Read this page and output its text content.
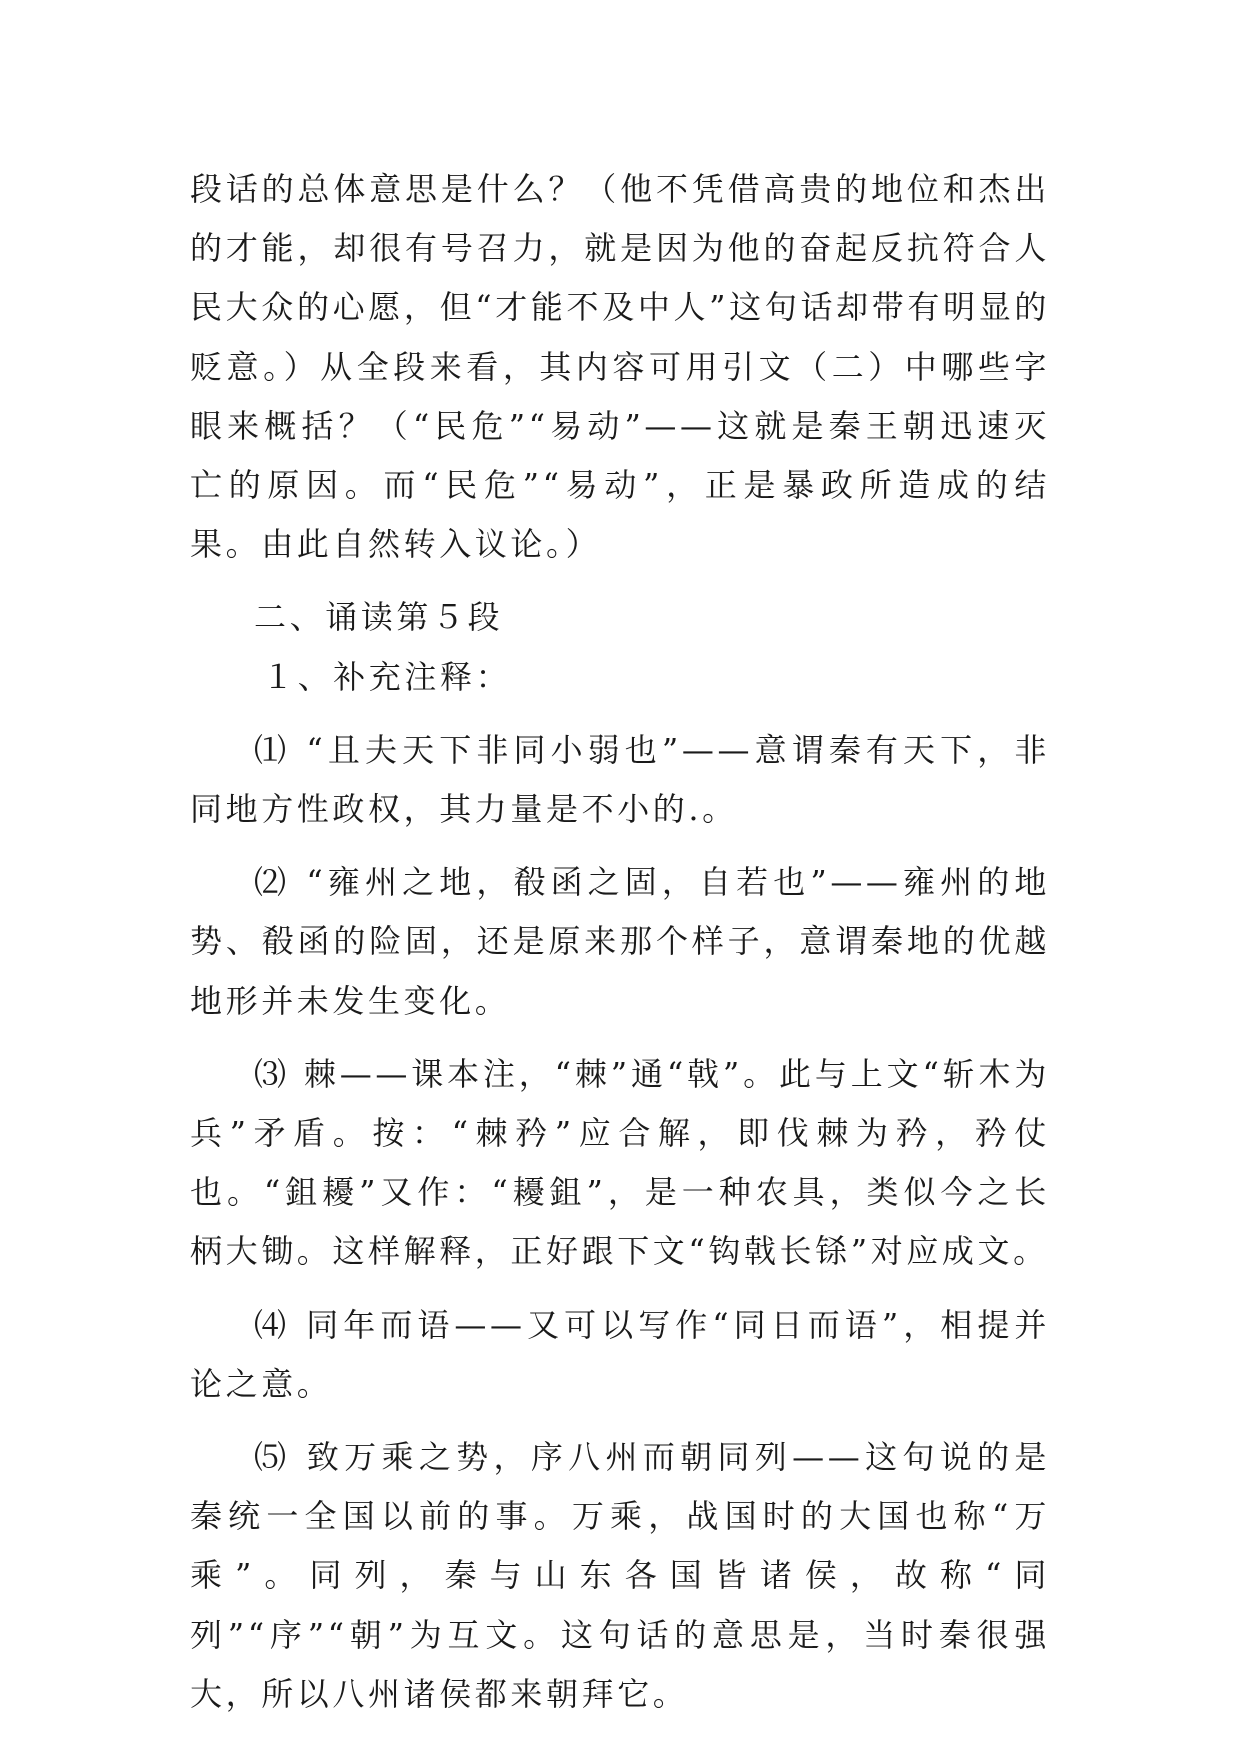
段话的总体意思是什么？（他不凭借高贵的地位和杰出的才能，却很有号召力，就是因为他的奋起反抗符合人民大众的心愿，但“才能不及中人”这句话却带有明显的贬意。）从全段来看，其内容可用引文（二）中哪些字眼来概括？（“民危”“易动”——这就是秦王朝迅速灭亡的原因。而“民危”“易动”，正是暴政所造成的结果。由此自然转入议论。）

二、诵读第５段

１、补充注释：

⑴ “且夫天下非同小弱也”——意谓秦有天下，非同地方性政权，其力量是不小的.。

⑵ “雍州之地，殽函之固，自若也”——雍州的地势、殽函的险固，还是原来那个样子，意谓秦地的优越地形并未发生变化。

⑶ 棘——课本注，“棘”通“戟”。此与上文“斩木为兵”矛盾。按：“棘矜”应合解，即伐棘为矜，矜仗也。“鉏耰”又作：“耰鉏”，是一种农具，类似今之长柄大锄。这样解释，正好跟下文“钩戟长铩”对应成文。

⑷ 同年而语——又可以写作“同日而语”，相提并论之意。

⑸ 致万乘之势，序八州而朝同列——这句说的是秦统一全国以前的事。万乘，战国时的大国也称“万乘”。同列，秦与山东各国皆诸侯，故称“同列”“序”“朝”为互文。这句话的意思是，当时秦很强大，所以八州诸侯都来朝拜它。
